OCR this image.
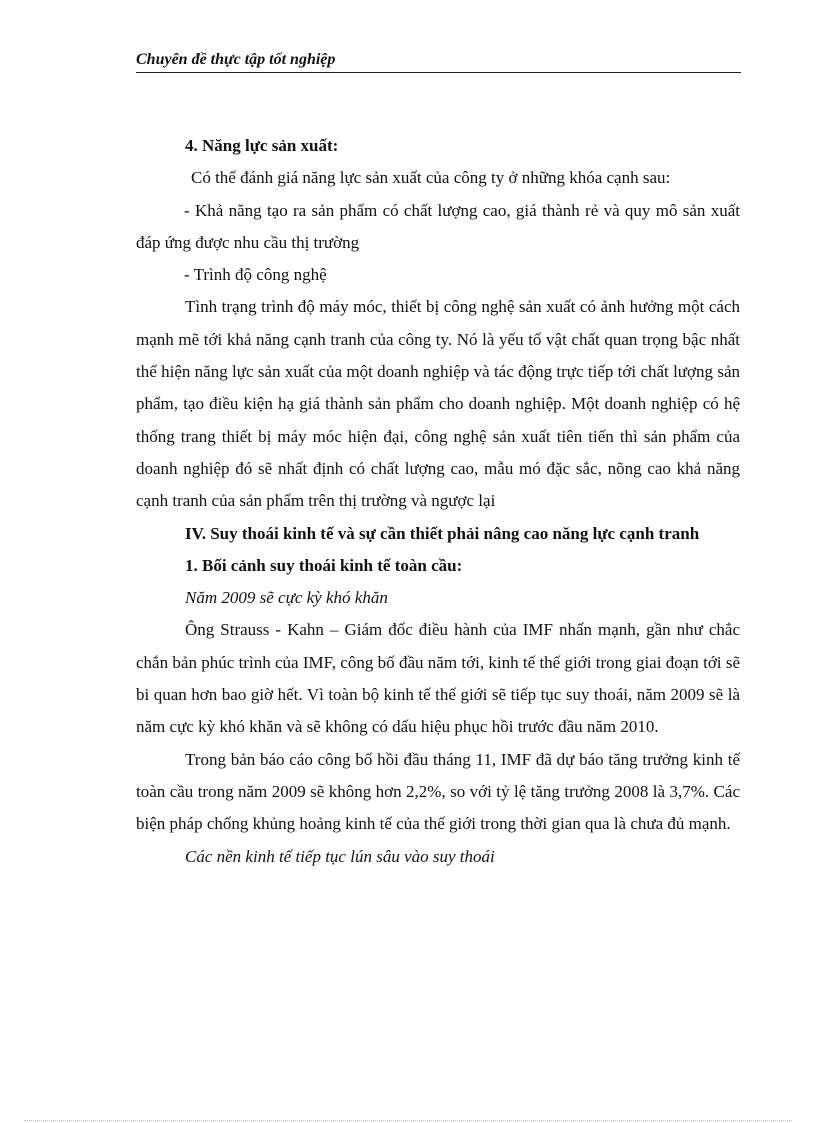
Chuyên đề thực tập tốt nghiệp

4. Năng lực sản xuất:

Có thể đánh giá năng lực sản xuất của công ty ở những khóa cạnh sau:

- Khả năng tạo ra sản phẩm có chất lượng cao, giá thành rẻ và quy mô sản xuất đáp ứng được nhu cầu thị trường

- Trình độ công nghệ

Tình trạng trình độ máy móc, thiết bị công nghệ sản xuất có ảnh hưởng một cách mạnh mẽ tới khả năng cạnh tranh của công ty. Nó là yếu tố vật chất quan trọng bậc nhất thể hiện năng lực sản xuất của một doanh nghiệp và tác động trực tiếp tới chất lượng sản phẩm, tạo điều kiện hạ giá thành sản phẩm cho doanh nghiệp. Một doanh nghiệp có hệ thống trang thiết bị máy móc hiện đại, công nghệ sản xuất tiên tiến thì sản phẩm của doanh nghiệp đó sẽ nhất định có chất lượng cao, mẫu mó đặc sắc, nõng cao khả năng cạnh tranh của sản phẩm trên thị trường và ngược lại

IV. Suy thoái kinh tế và sự cần thiết phải nâng cao năng lực cạnh tranh

1. Bối cảnh suy thoái kinh tế toàn cầu:

Năm 2009 sẽ cực kỳ khó khăn

Ông Strauss - Kahn – Giám đốc điều hành của IMF nhấn mạnh, gần như chắc chắn bản phúc trình của IMF, công bố đầu năm tới, kinh tế thế giới trong giai đoạn tới sẽ bi quan hơn bao giờ hết. Vì toàn bộ kinh tế thế giới sẽ tiếp tục suy thoái, năm 2009 sẽ là năm cực kỳ khó khăn và sẽ không có dấu hiệu phục hồi trước đầu năm 2010.

Trong bản báo cáo công bố hồi đầu tháng 11, IMF đã dự báo tăng trưởng kinh tế toàn cầu trong năm 2009 sẽ không hơn 2,2%, so với tỷ lệ tăng trưởng 2008 là 3,7%. Các biện pháp chống khủng hoảng kinh tế của thế giới trong thời gian qua là chưa đủ mạnh.

Các nền kinh tế tiếp tục lún sâu vào suy thoái
